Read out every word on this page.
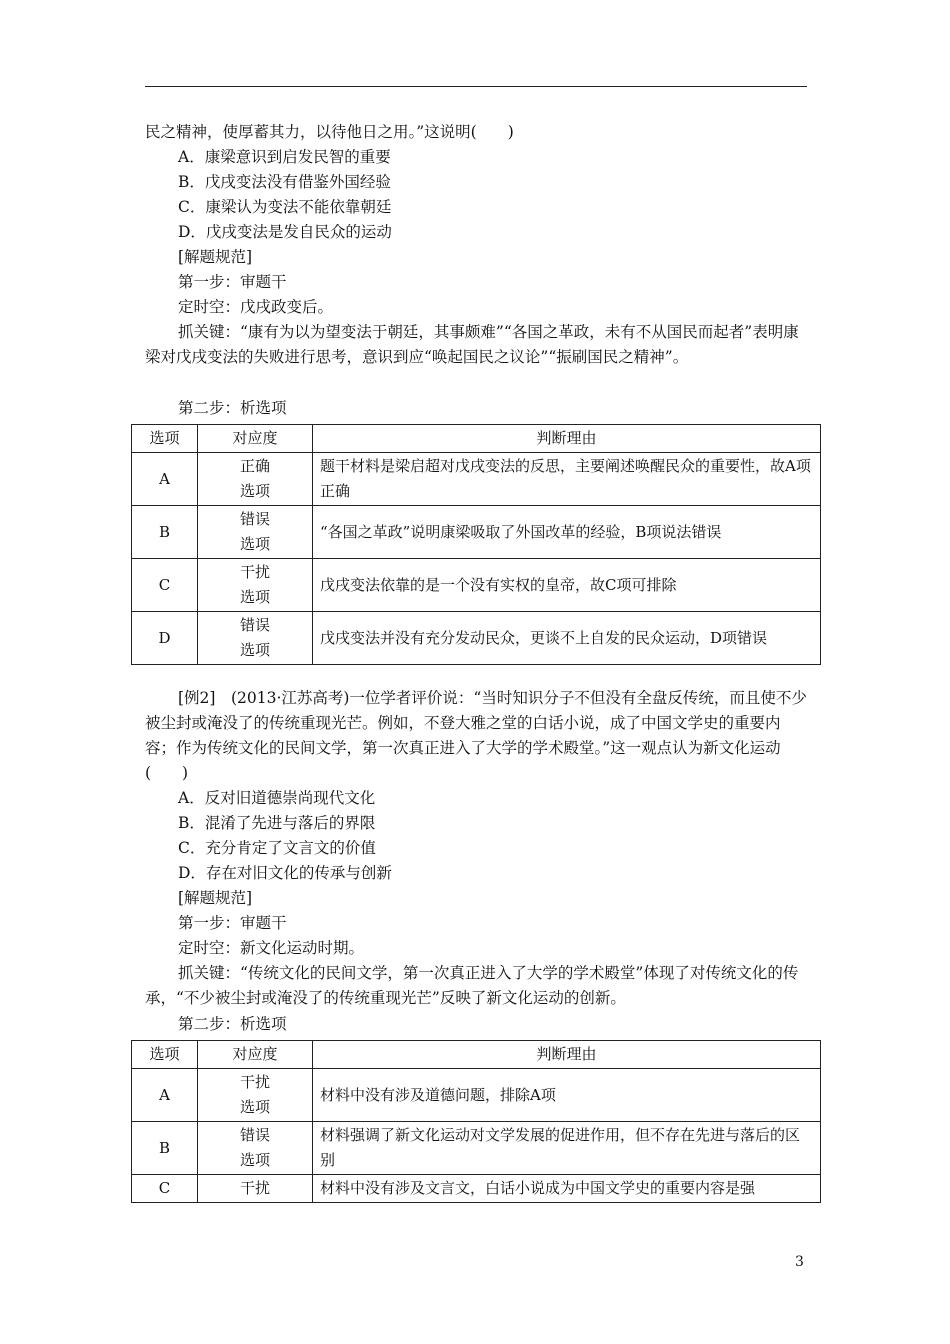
民之精神，使厚蓄其力，以待他日之用。”这说明(　　)
A．康梁意识到启发民智的重要
B．戊戌变法没有借鉴外国经验
C．康梁认为变法不能依靠朝廷
D．戊戌变法是发自民众的运动
[解题规范]
第一步：审题干
定时空：戊戌政变后。
抓关键：“康有为以为望变法于朝廷，其事颇难”“各国之革政，未有不从国民而起者”表明康梁对戊戌变法的失败进行思考，意识到应“唤起国民之议论”“振刷国民之精神”。
第二步：析选项
选项	对应度	判断理由
A	正确选项	题干材料是梁启超对戊戌变法的反思，主要阐述唤醒民众的重要性，故A项正确
B	错误选项	“各国之革政”说明康梁吸取了外国改革的经验，B项说法错误
C	干扰选项	戊戌变法依靠的是一个没有实权的皇帝，故C项可排除
D	错误选项	戊戌变法并没有充分发动民众，更谈不上自发的民众运动，D项错误
[例2]　(2013·江苏高考)一位学者评价说：“当时知识分子不但没有全盘反传统，而且使不少被尘封或淹没了的传统重现光芒。例如，不登大雅之堂的白话小说，成了中国文学史的重要内容；作为传统文化的民间文学，第一次真正进入了大学的学术殿堂。”这一观点认为新文化运动(　　)
A．反对旧道德崇尚现代文化
B．混淆了先进与落后的界限
C．充分肯定了文言文的价值
D．存在对旧文化的传承与创新
[解题规范]
第一步：审题干
定时空：新文化运动时期。
抓关键：“传统文化的民间文学，第一次真正进入了大学的学术殿堂”体现了对传统文化的传承，“不少被尘封或淹没了的传统重现光芒”反映了新文化运动的创新。
第二步：析选项
选项	对应度	判断理由
A	干扰选项	材料中没有涉及道德问题，排除A项
B	错误选项	材料强调了新文化运动对文学发展的促进作用，但不存在先进与落后的区别
C	干扰	材料中没有涉及文言文，白话小说成为中国文学史的重要内容是强
3
